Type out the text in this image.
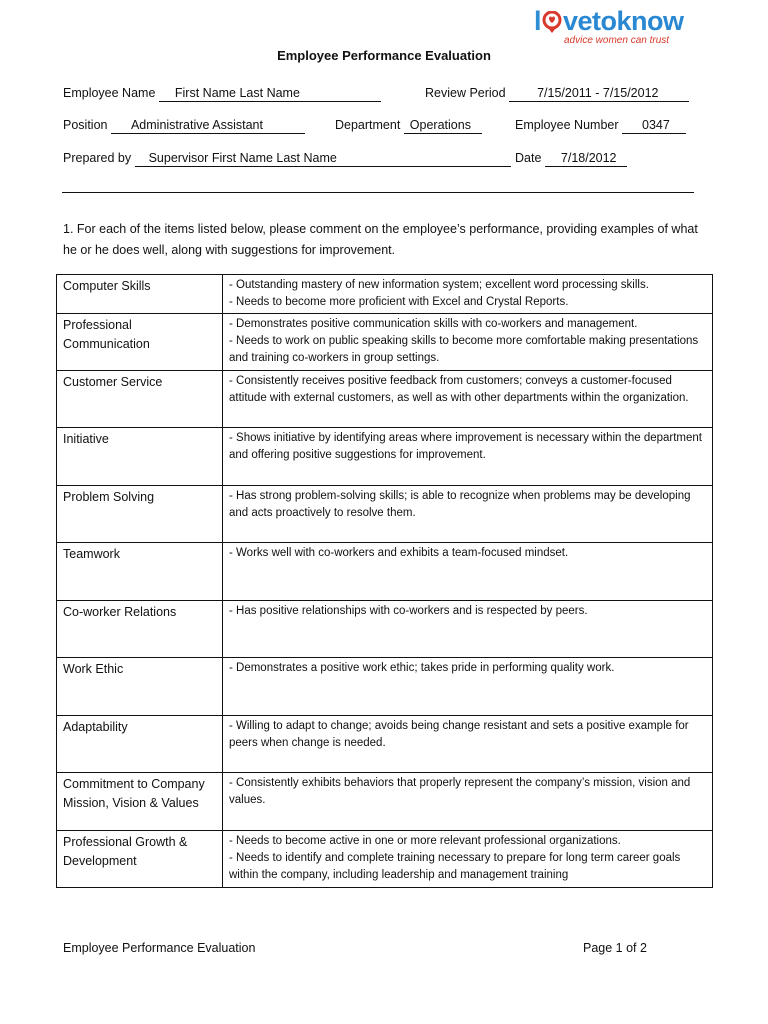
l vetoknow
advice women can trust
Employee Performance Evaluation
Employee Name First Name Last Name	Review Period	7/15/2011 - 7/15/2012
Position Administrative Assistant	Department Operations	Employee Number 0347
Prepared by Supervisor First Name Last Name	Date 7/18/2012
1. For each of the items listed below, please comment on the employee’s performance, providing examples of what he or he does well, along with suggestions for improvement.
Computer Skills	- Outstanding mastery of new information system; excellent word processing skills.
- Needs to become more proficient with Excel and Crystal Reports.

Professional Communication	- Demonstrates positive communication skills with co-workers and management.
- Needs to work on public speaking skills to become more comfortable making presentations and training co-workers in group settings.

Customer Service	- Consistently receives positive feedback from customers; conveys a customer-focused attitude with external customers, as well as with other departments within the organization.

Initiative	- Shows initiative by identifying areas where improvement is necessary within the department and offering positive suggestions for improvement.

Problem Solving	- Has strong problem-solving skills; is able to recognize when problems may be developing and acts proactively to resolve them.

Teamwork	- Works well with co-workers and exhibits a team-focused mindset.

Co-worker Relations	- Has positive relationships with co-workers and is respected by peers.

Work Ethic	- Demonstrates a positive work ethic; takes pride in performing quality work.

Adaptability	- Willing to adapt to change; avoids being change resistant and sets a positive example for peers when change is needed.

Commitment to Company Mission, Vision & Values	- Consistently exhibits behaviors that properly represent the company’s mission, vision and values.

Professional Growth & Development	- Needs to become active in one or more relevant professional organizations.
- Needs to identify and complete training necessary to prepare for long term career goals within the company, including leadership and management training
Employee Performance Evaluation	Page 1 of 2
